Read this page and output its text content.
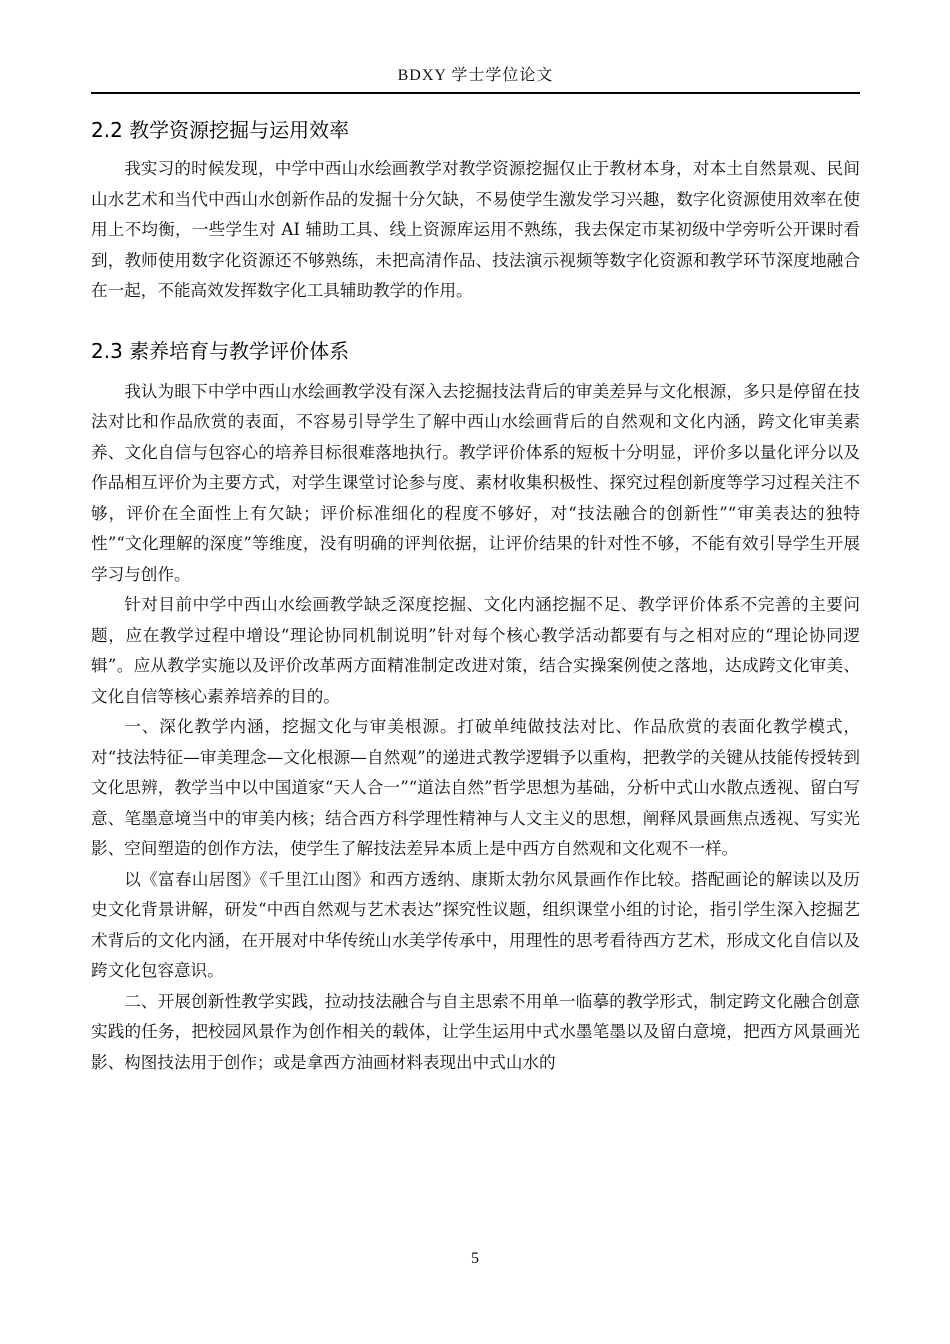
BDXY 学士学位论文
2.2 教学资源挖掘与运用效率

我实习的时候发现，中学中西山水绘画教学对教学资源挖掘仅止于教材本身，对本土自然景观、民间山水艺术和当代中西山水创新作品的发掘十分欠缺，不易使学生激发学习兴趣，数字化资源使用效率在使用上不均衡，一些学生对 AI 辅助工具、线上资源库运用不熟练，我去保定市某初级中学旁听公开课时看到，教师使用数字化资源还不够熟练，未把高清作品、技法演示视频等数字化资源和教学环节深度地融合在一起，不能高效发挥数字化工具辅助教学的作用。

2.3 素养培育与教学评价体系

我认为眼下中学中西山水绘画教学没有深入去挖掘技法背后的审美差异与文化根源，多只是停留在技法对比和作品欣赏的表面，不容易引导学生了解中西山水绘画背后的自然观和文化内涵，跨文化审美素养、文化自信与包容心的培养目标很难落地执行。教学评价体系的短板十分明显，评价多以量化评分以及作品相互评价为主要方式，对学生课堂讨论参与度、素材收集积极性、探究过程创新度等学习过程关注不够，评价在全面性上有欠缺；评价标准细化的程度不够好，对“技法融合的创新性”“审美表达的独特性”“文化理解的深度”等维度，没有明确的评判依据，让评价结果的针对性不够，不能有效引导学生开展学习与创作。

针对目前中学中西山水绘画教学缺乏深度挖掘、文化内涵挖掘不足、教学评价体系不完善的主要问题，应在教学过程中增设“理论协同机制说明”针对每个核心教学活动都要有与之相对应的“理论协同逻辑”。应从教学实施以及评价改革两方面精准制定改进对策，结合实操案例使之落地，达成跨文化审美、文化自信等核心素养培养的目的。

一、深化教学内涵，挖掘文化与审美根源。打破单纯做技法对比、作品欣赏的表面化教学模式，对“技法特征—审美理念—文化根源—自然观”的递进式教学逻辑予以重构，把教学的关键从技能传授转到文化思辨，教学当中以中国道家“天人合一”“道法自然”哲学思想为基础，分析中式山水散点透视、留白写意、笔墨意境当中的审美内核；结合西方科学理性精神与人文主义的思想，阐释风景画焦点透视、写实光影、空间塑造的创作方法，使学生了解技法差异本质上是中西方自然观和文化观不一样。

以《富春山居图》《千里江山图》和西方透纳、康斯太勃尔风景画作作比较。搭配画论的解读以及历史文化背景讲解，研发“中西自然观与艺术表达”探究性议题，组织课堂小组的讨论，指引学生深入挖掘艺术背后的文化内涵，在开展对中华传统山水美学传承中，用理性的思考看待西方艺术，形成文化自信以及跨文化包容意识。

二、开展创新性教学实践，拉动技法融合与自主思索不用单一临摹的教学形式，制定跨文化融合创意实践的任务，把校园风景作为创作相关的载体，让学生运用中式水墨笔墨以及留白意境，把西方风景画光影、构图技法用于创作；或是拿西方油画材料表现出中式山水的

5
